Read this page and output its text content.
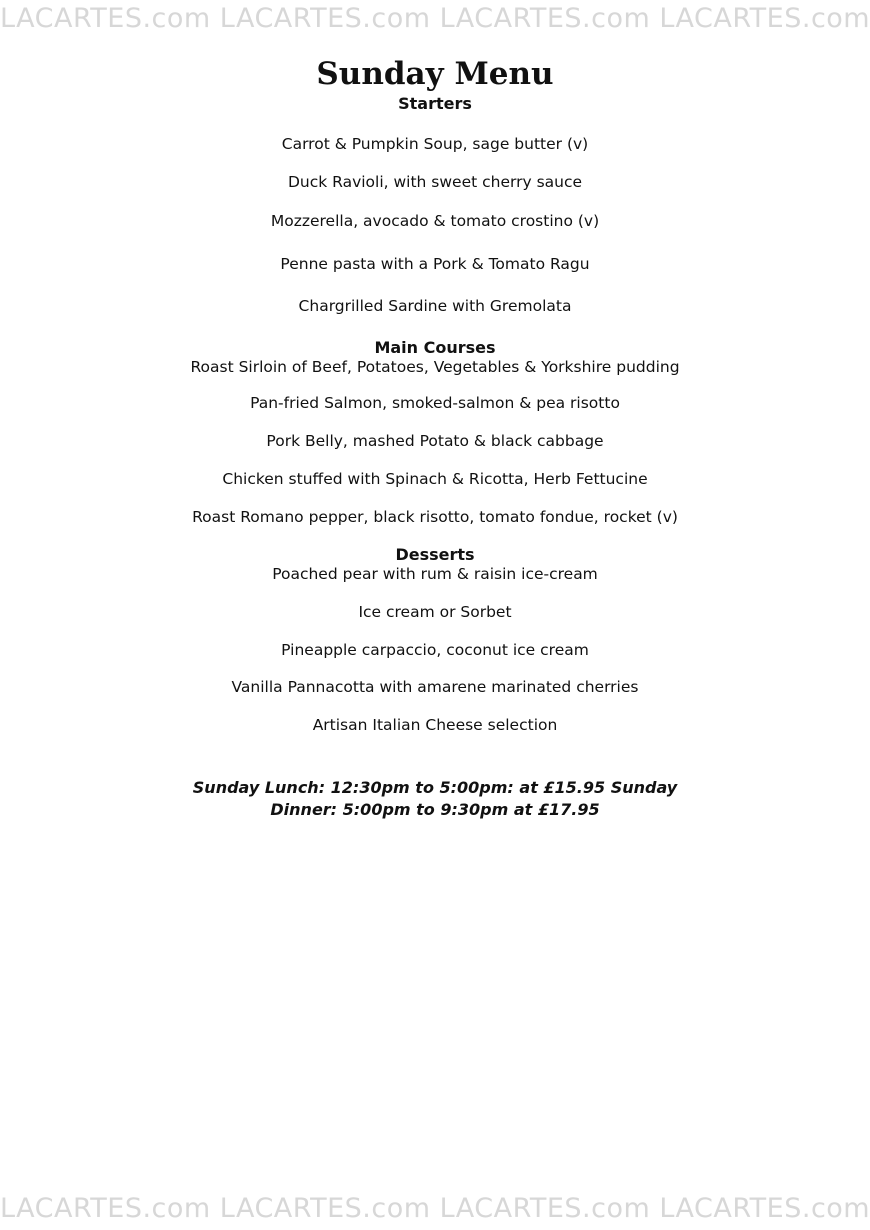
LACARTES.com LACARTES.com LACARTES.com LACARTES.com
Sunday Menu
Starters
Carrot & Pumpkin Soup, sage butter (v)
Duck Ravioli, with sweet cherry sauce
Mozzerella, avocado & tomato crostino (v)
Penne pasta with a Pork & Tomato Ragu
Chargrilled Sardine with Gremolata
Main Courses
Roast Sirloin of Beef, Potatoes, Vegetables & Yorkshire pudding
Pan-fried Salmon, smoked-salmon & pea risotto
Pork Belly, mashed Potato & black cabbage
Chicken stuffed with Spinach & Ricotta, Herb Fettucine
Roast Romano pepper, black risotto, tomato fondue, rocket (v)
Desserts
Poached pear with rum & raisin ice-cream
Ice cream or Sorbet
Pineapple carpaccio, coconut ice cream
Vanilla Pannacotta with amarene marinated cherries
Artisan Italian Cheese selection
Sunday Lunch: 12:30pm to 5:00pm: at £15.95 Sunday
Dinner: 5:00pm to 9:30pm at £17.95
LACARTES.com LACARTES.com LACARTES.com LACARTES.com
